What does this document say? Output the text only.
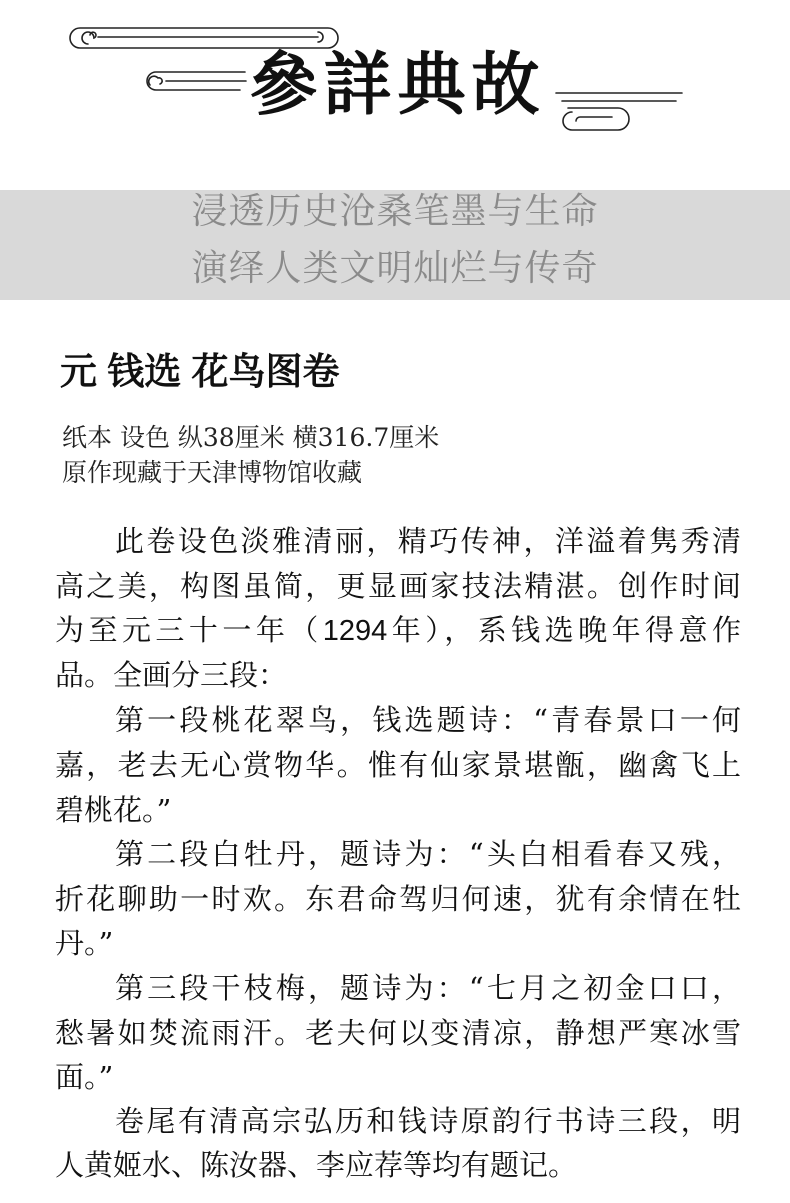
參詳典故
浸透历史沧桑笔墨与生命
演绎人类文明灿烂与传奇
元 钱选 花鸟图卷
纸本 设色 纵38厘米 横316.7厘米
原作现藏于天津博物馆收藏
此卷设色淡雅清丽，精巧传神，洋溢着隽秀清
高之美，构图虽简，更显画家技法精湛。创作时间
为至元三十一年（1294年），系钱选晚年得意作
品。全画分三段：
第一段桃花翠鸟，钱选题诗：“青春景口一何
嘉，老去无心赏物华。惟有仙家景堪甑，幽禽飞上
碧桃花。”
第二段白牡丹，题诗为：“头白相看春又残，
折花聊助一时欢。东君命驾归何速，犹有余情在牡
丹。”
第三段干枝梅，题诗为：“七月之初金口口，
愁暑如焚流雨汗。老夫何以变清凉，静想严寒冰雪
面。”
卷尾有清高宗弘历和钱诗原韵行书诗三段，明
人黄姬水、陈汝器、李应荐等均有题记。
